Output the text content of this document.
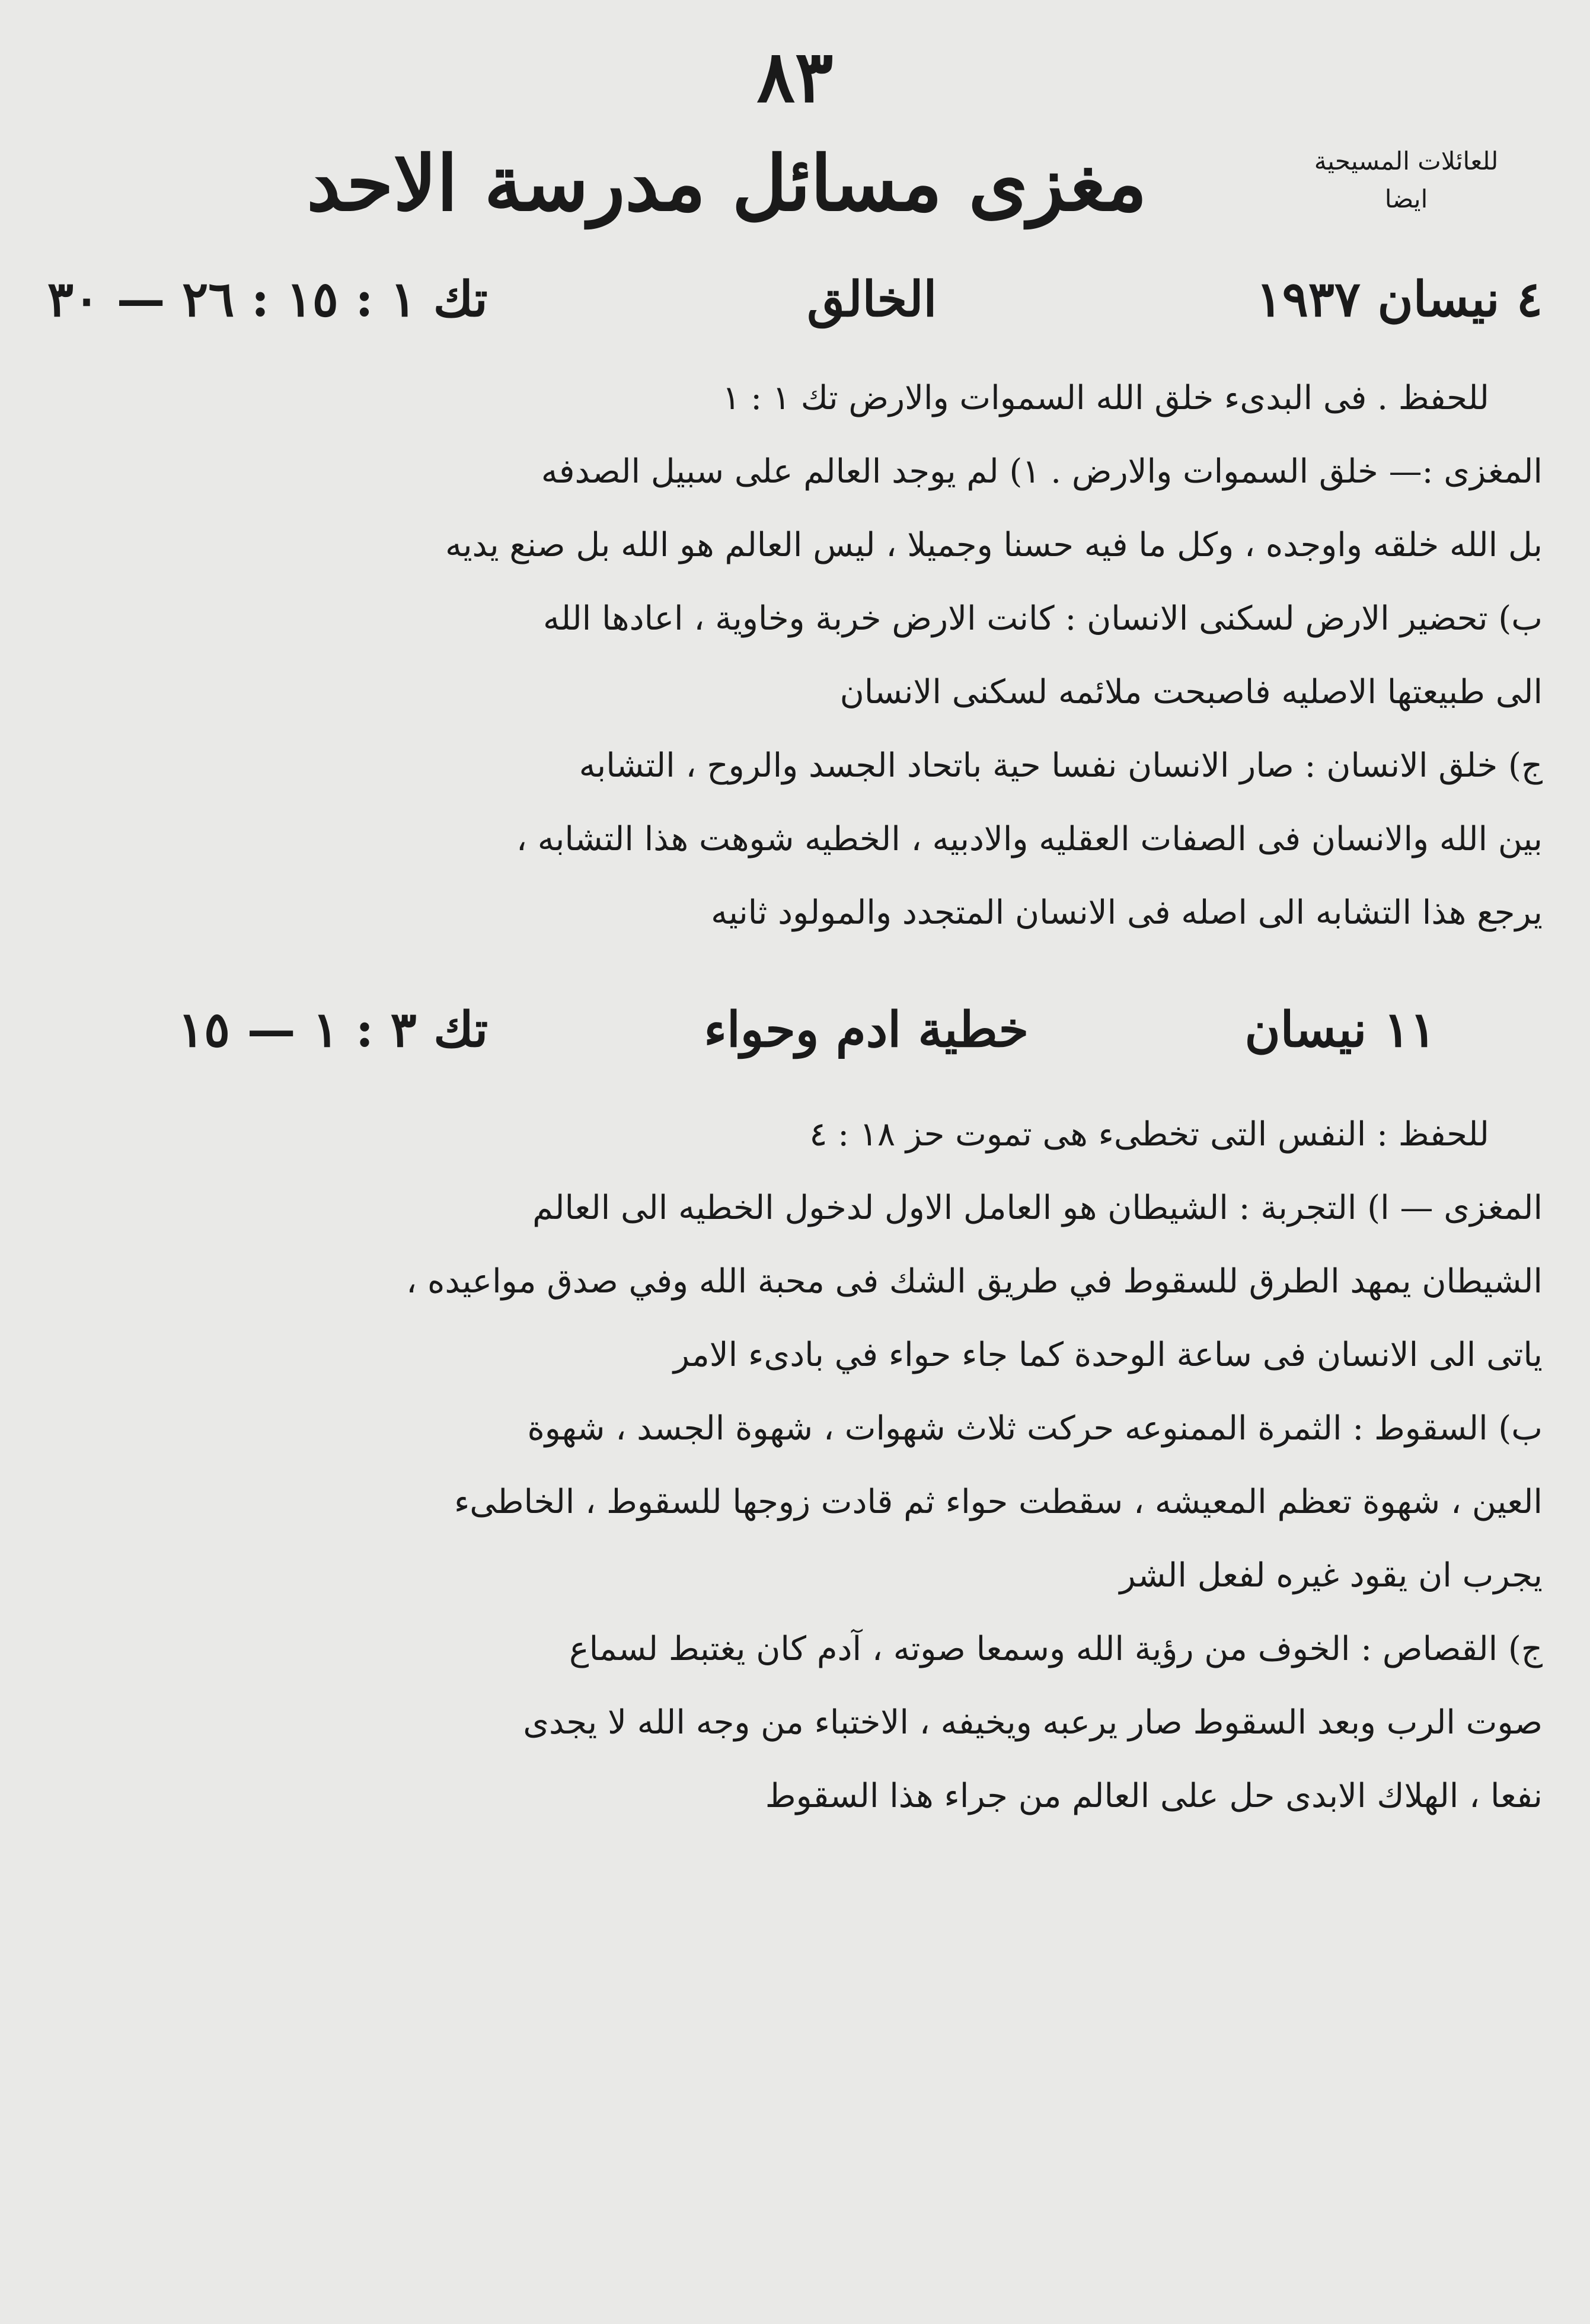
٨٣
مغزى مسائل مدرسة الاحد	للعائلات المسيحية
ايضا
٤ نيسان ١٩٣٧
الخالق
تك ١ : ١٥ : ٢٦ — ٣٠

للحفظ . فى البدىء خلق الله السموات والارض تك ١ : ١

المغزى :— خلق السموات والارض . ١) لم يوجد العالم على سبيل الصدفه
بل الله خلقه واوجده ، وكل ما فيه حسنا وجميلا ، ليس العالم هو الله بل صنع يديه
ب) تحضير الارض لسكنى الانسان : كانت الارض خربة وخاوية ، اعادها الله
الى طبيعتها الاصليه فاصبحت ملائمه لسكنى الانسان
ج) خلق الانسان : صار الانسان نفسا حية باتحاد الجسد والروح ، التشابه
بين الله والانسان فى الصفات العقليه والادبيه ، الخطيه شوهت هذا التشابه ،
يرجع هذا التشابه الى اصله فى الانسان المتجدد والمولود ثانيه
١١ نيسان
خطية ادم وحواء
تك ٣ : ١ — ١٥

للحفظ : النفس التى تخطىء هى تموت حز ١٨ : ٤

المغزى — ا) التجربة : الشيطان هو العامل الاول لدخول الخطيه الى العالم
الشيطان يمهد الطرق للسقوط في طريق الشك فى محبة الله وفي صدق مواعيده ،
ياتى الى الانسان فى ساعة الوحدة كما جاء حواء في بادىء الامر
ب) السقوط : الثمرة الممنوعه حركت ثلاث شهوات ، شهوة الجسد ، شهوة
العين ، شهوة تعظم المعيشه ، سقطت حواء ثم قادت زوجها للسقوط ، الخاطىء
يجرب ان يقود غيره لفعل الشر
ج) القصاص : الخوف من رؤية الله وسمعا صوته ، آدم كان يغتبط لسماع
صوت الرب وبعد السقوط صار يرعبه ويخيفه ، الاختباء من وجه الله لا يجدى
نفعا ، الهلاك الابدى حل على العالم من جراء هذا السقوط
